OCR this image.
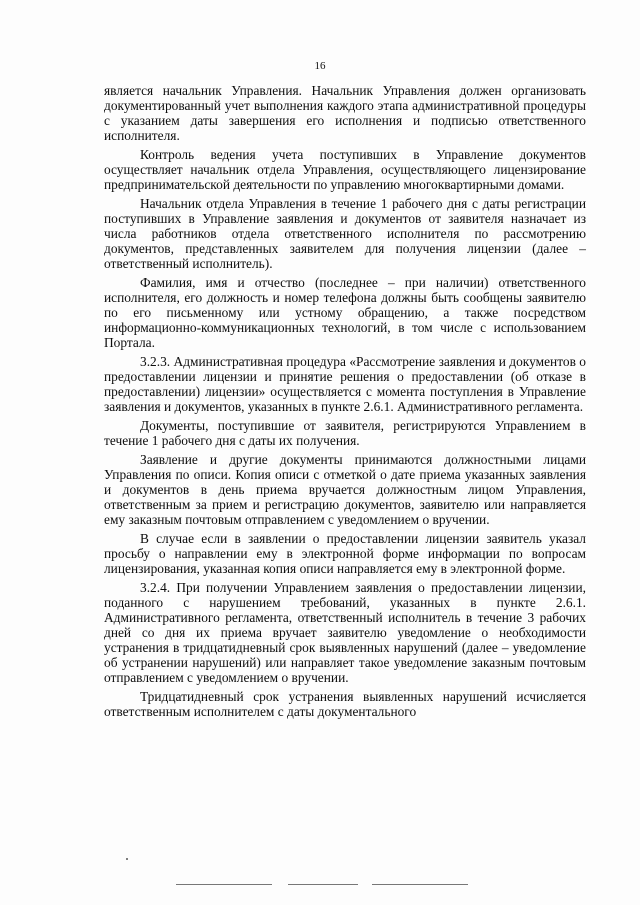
16

является начальник Управления. Начальник Управления должен организовать документированный учет выполнения каждого этапа административной процедуры с указанием даты завершения его исполнения и подписью ответственного исполнителя.

Контроль ведения учета поступивших в Управление документов осуществляет начальник отдела Управления, осуществляющего лицензирование предпринимательской деятельности по управлению многоквартирными домами.

Начальник отдела Управления в течение 1 рабочего дня с даты регистрации поступивших в Управление заявления и документов от заявителя назначает из числа работников отдела ответственного исполнителя по рассмотрению документов, представленных заявителем для получения лицензии (далее – ответственный исполнитель).

Фамилия, имя и отчество (последнее – при наличии) ответственного исполнителя, его должность и номер телефона должны быть сообщены заявителю по его письменному или устному обращению, а также посредством информационно-коммуникационных технологий, в том числе с использованием Портала.

3.2.3. Административная процедура «Рассмотрение заявления и документов о предоставлении лицензии и принятие решения о предоставлении (об отказе в предоставлении) лицензии» осуществляется с момента поступления в Управление заявления и документов, указанных в пункте 2.6.1. Административного регламента.

Документы, поступившие от заявителя, регистрируются Управлением в течение 1 рабочего дня с даты их получения.

Заявление и другие документы принимаются должностными лицами Управления по описи. Копия описи с отметкой о дате приема указанных заявления и документов в день приема вручается должностным лицом Управления, ответственным за прием и регистрацию документов, заявителю или направляется ему заказным почтовым отправлением с уведомлением о вручении.

В случае если в заявлении о предоставлении лицензии заявитель указал просьбу о направлении ему в электронной форме информации по вопросам лицензирования, указанная копия описи направляется ему в электронной форме.

3.2.4. При получении Управлением заявления о предоставлении лицензии, поданного с нарушением требований, указанных в пункте 2.6.1. Административного регламента, ответственный исполнитель в течение 3 рабочих дней со дня их приема вручает заявителю уведомление о необходимости устранения в тридцатидневный срок выявленных нарушений (далее – уведомление об устранении нарушений) или направляет такое уведомление заказным почтовым отправлением с уведомлением о вручении.

Тридцатидневный срок устранения выявленных нарушений исчисляется ответственным исполнителем с даты документального
